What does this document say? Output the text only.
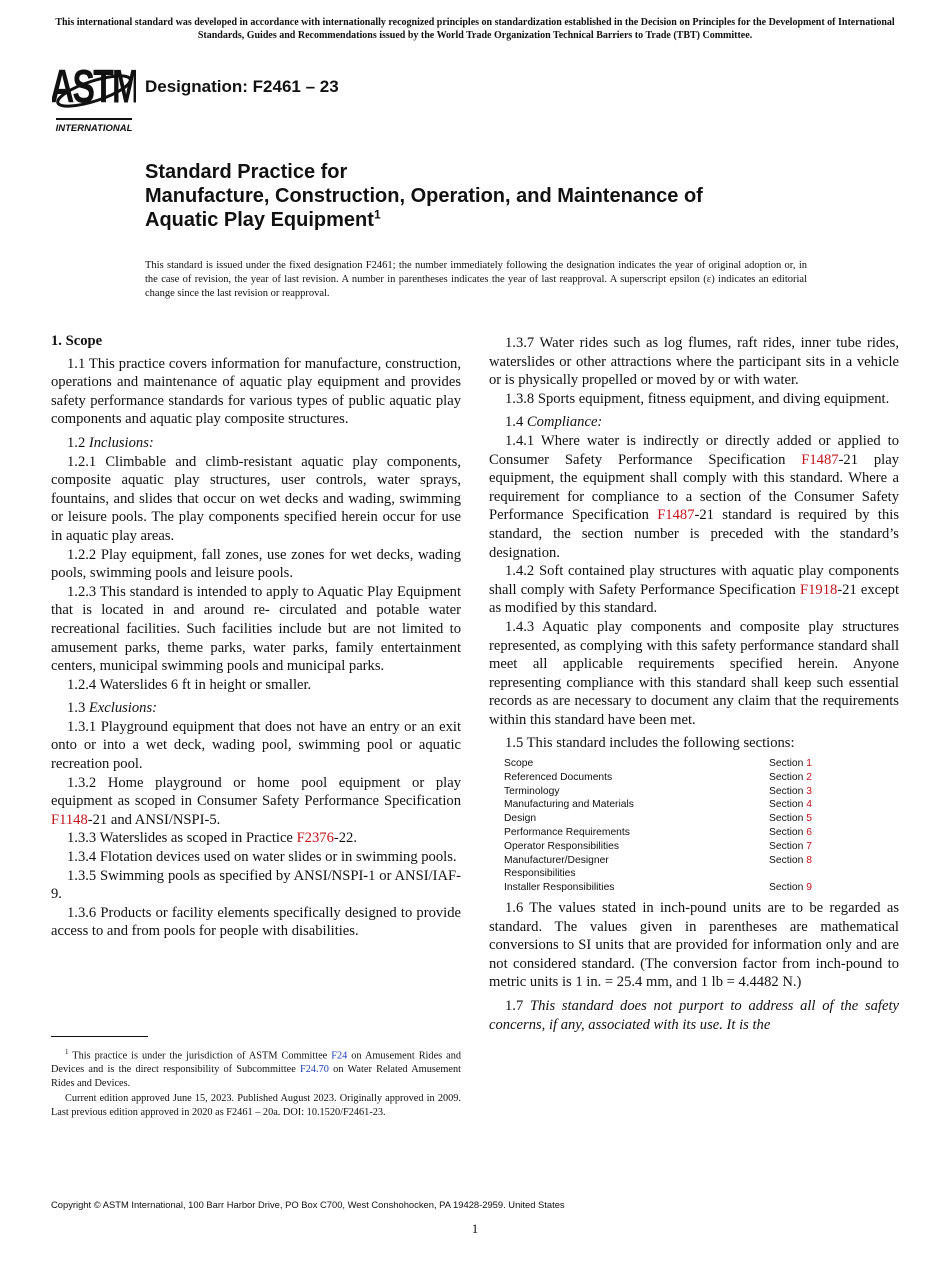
This international standard was developed in accordance with internationally recognized principles on standardization established in the Decision on Principles for the Development of International Standards, Guides and Recommendations issued by the World Trade Organization Technical Barriers to Trade (TBT) Committee.
ASTM
INTERNATIONAL
Designation: F2461 – 23
Standard Practice for
Manufacture, Construction, Operation, and Maintenance of
Aquatic Play Equipment$^1$
This standard is issued under the fixed designation F2461; the number immediately following the designation indicates the year of original adoption or, in the case of revision, the year of last revision. A number in parentheses indicates the year of last reapproval. A superscript epsilon (ε) indicates an editorial change since the last revision or reapproval.
1. Scope

1.1 This practice covers information for manufacture, construction, operations and maintenance of aquatic play equipment and provides safety performance standards for various types of public aquatic play components and aquatic play composite structures.

1.2 Inclusions:

1.2.1 Climbable and climb-resistant aquatic play components, composite aquatic play structures, user controls, water sprays, fountains, and slides that occur on wet decks and wading, swimming or leisure pools. The play components specified herein occur for use in aquatic play areas.

1.2.2 Play equipment, fall zones, use zones for wet decks, wading pools, swimming pools and leisure pools.

1.2.3 This standard is intended to apply to Aquatic Play Equipment that is located in and around re- circulated and potable water recreational facilities. Such facilities include but are not limited to amusement parks, theme parks, water parks, family entertainment centers, municipal swimming pools and municipal parks.

1.2.4 Waterslides 6 ft in height or smaller.

1.3 Exclusions:

1.3.1 Playground equipment that does not have an entry or an exit onto or into a wet deck, wading pool, swimming pool or aquatic recreation pool.

1.3.2 Home playground or home pool equipment or play equipment as scoped in Consumer Safety Performance Specification F1148-21 and ANSI/NSPI-5.

1.3.3 Waterslides as scoped in Practice F2376-22.

1.3.4 Flotation devices used on water slides or in swimming pools.

1.3.5 Swimming pools as specified by ANSI/NSPI-1 or ANSI/IAF-9.

1.3.6 Products or facility elements specifically designed to provide access to and from pools for people with disabilities.

1.3.7 Water rides such as log flumes, raft rides, inner tube rides, waterslides or other attractions where the participant sits in a vehicle or is physically propelled or moved by or with water.

1.3.8 Sports equipment, fitness equipment, and diving equipment.

1.4 Compliance:

1.4.1 Where water is indirectly or directly added or applied to Consumer Safety Performance Specification F1487-21 play equipment, the equipment shall comply with this standard. Where a requirement for compliance to a section of the Consumer Safety Performance Specification F1487-21 standard is required by this standard, the section number is preceded with the standard’s designation.

1.4.2 Soft contained play structures with aquatic play components shall comply with Safety Performance Specification F1918-21 except as modified by this standard.

1.4.3 Aquatic play components and composite play structures represented, as complying with this safety performance standard shall meet all applicable requirements specified herein. Anyone representing compliance with this standard shall keep such essential records as are necessary to document any claim that the requirements within this standard have been met.

1.5 This standard includes the following sections:

Scope	Section 1
Referenced Documents	Section 2
Terminology	Section 3
Manufacturing and Materials	Section 4
Design	Section 5
Performance Requirements	Section 6
Operator Responsibilities	Section 7
Manufacturer/Designer Responsibilities	Section 8
Installer Responsibilities	Section 9

1.6 The values stated in inch-pound units are to be regarded as standard. The values given in parentheses are mathematical conversions to SI units that are provided for information only and are not considered standard. (The conversion factor from inch-pound to metric units is 1 in. = 25.4 mm, and 1 lb = 4.4482 N.)

1.7 This standard does not purport to address all of the safety concerns, if any, associated with its use. It is the

$^1$ This practice is under the jurisdiction of ASTM Committee F24 on Amusement Rides and Devices and is the direct responsibility of Subcommittee F24.70 on Water Related Amusement Rides and Devices.

Current edition approved June 15, 2023. Published August 2023. Originally approved in 2009. Last previous edition approved in 2020 as F2461 – 20a. DOI: 10.1520/F2461-23.

Copyright © ASTM International, 100 Barr Harbor Drive, PO Box C700, West Conshohocken, PA 19428-2959. United States
1
